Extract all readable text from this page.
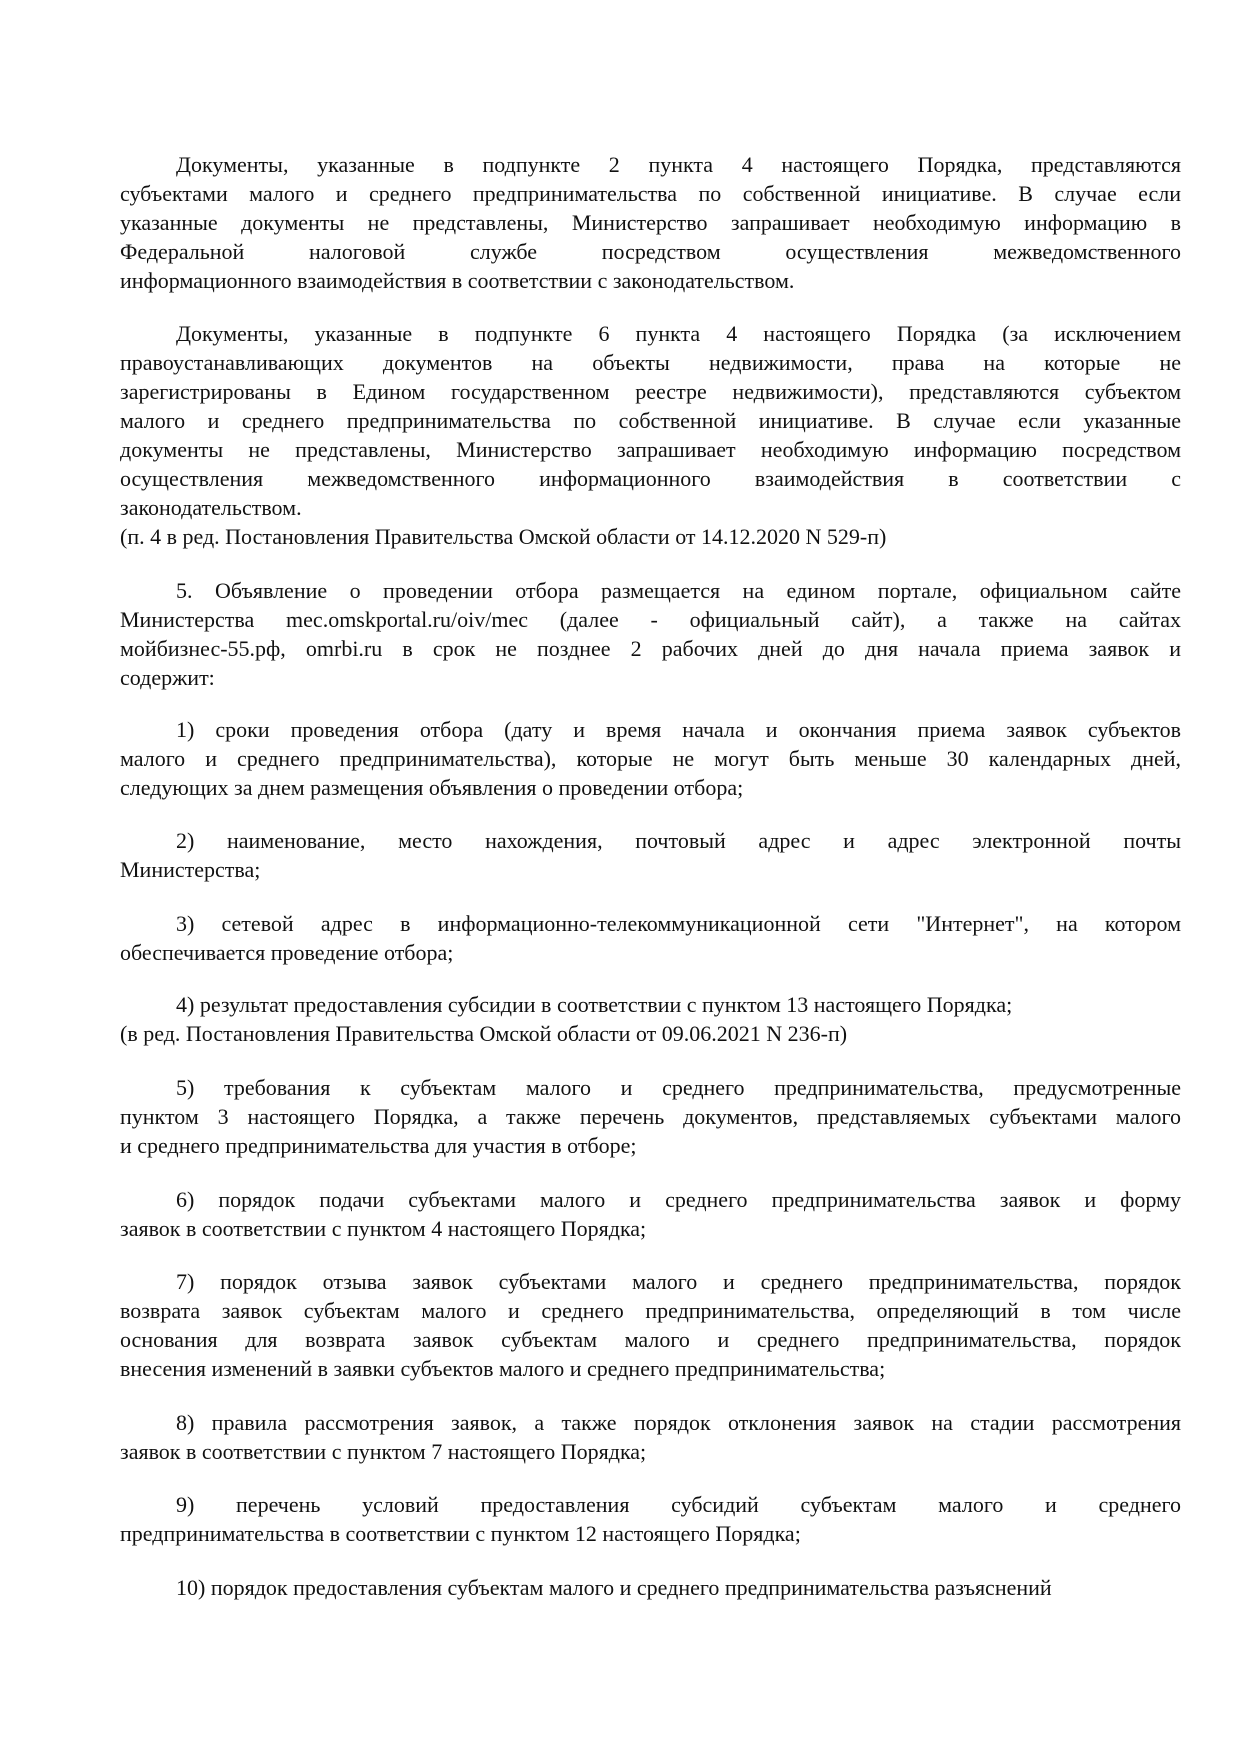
Документы, указанные в подпункте 2 пункта 4 настоящего Порядка, представляются
субъектами малого и среднего предпринимательства по собственной инициативе. В случае если
указанные документы не представлены, Министерство запрашивает необходимую информацию в
Федеральной налоговой службе посредством осуществления межведомственного
информационного взаимодействия в соответствии с законодательством.
Документы, указанные в подпункте 6 пункта 4 настоящего Порядка (за исключением
правоустанавливающих документов на объекты недвижимости, права на которые не
зарегистрированы в Едином государственном реестре недвижимости), представляются субъектом
малого и среднего предпринимательства по собственной инициативе. В случае если указанные
документы не представлены, Министерство запрашивает необходимую информацию посредством
осуществления межведомственного информационного взаимодействия в соответствии с
законодательством.
(п. 4 в ред. Постановления Правительства Омской области от 14.12.2020 N 529-п)
5. Объявление о проведении отбора размещается на едином портале, официальном сайте
Министерства mec.omskportal.ru/oiv/mec (далее - официальный сайт), а также на сайтах
мойбизнес-55.рф, omrbi.ru в срок не позднее 2 рабочих дней до дня начала приема заявок и
содержит:
1) сроки проведения отбора (дату и время начала и окончания приема заявок субъектов
малого и среднего предпринимательства), которые не могут быть меньше 30 календарных дней,
следующих за днем размещения объявления о проведении отбора;
2) наименование, место нахождения, почтовый адрес и адрес электронной почты
Министерства;
3) сетевой адрес в информационно-телекоммуникационной сети "Интернет", на котором
обеспечивается проведение отбора;
4) результат предоставления субсидии в соответствии с пунктом 13 настоящего Порядка;
(в ред. Постановления Правительства Омской области от 09.06.2021 N 236-п)
5) требования к субъектам малого и среднего предпринимательства, предусмотренные
пунктом 3 настоящего Порядка, а также перечень документов, представляемых субъектами малого
и среднего предпринимательства для участия в отборе;
6) порядок подачи субъектами малого и среднего предпринимательства заявок и форму
заявок в соответствии с пунктом 4 настоящего Порядка;
7) порядок отзыва заявок субъектами малого и среднего предпринимательства, порядок
возврата заявок субъектам малого и среднего предпринимательства, определяющий в том числе
основания для возврата заявок субъектам малого и среднего предпринимательства, порядок
внесения изменений в заявки субъектов малого и среднего предпринимательства;
8) правила рассмотрения заявок, а также порядок отклонения заявок на стадии рассмотрения
заявок в соответствии с пунктом 7 настоящего Порядка;
9) перечень условий предоставления субсидий субъектам малого и среднего
предпринимательства в соответствии с пунктом 12 настоящего Порядка;
10) порядок предоставления субъектам малого и среднего предпринимательства разъяснений
